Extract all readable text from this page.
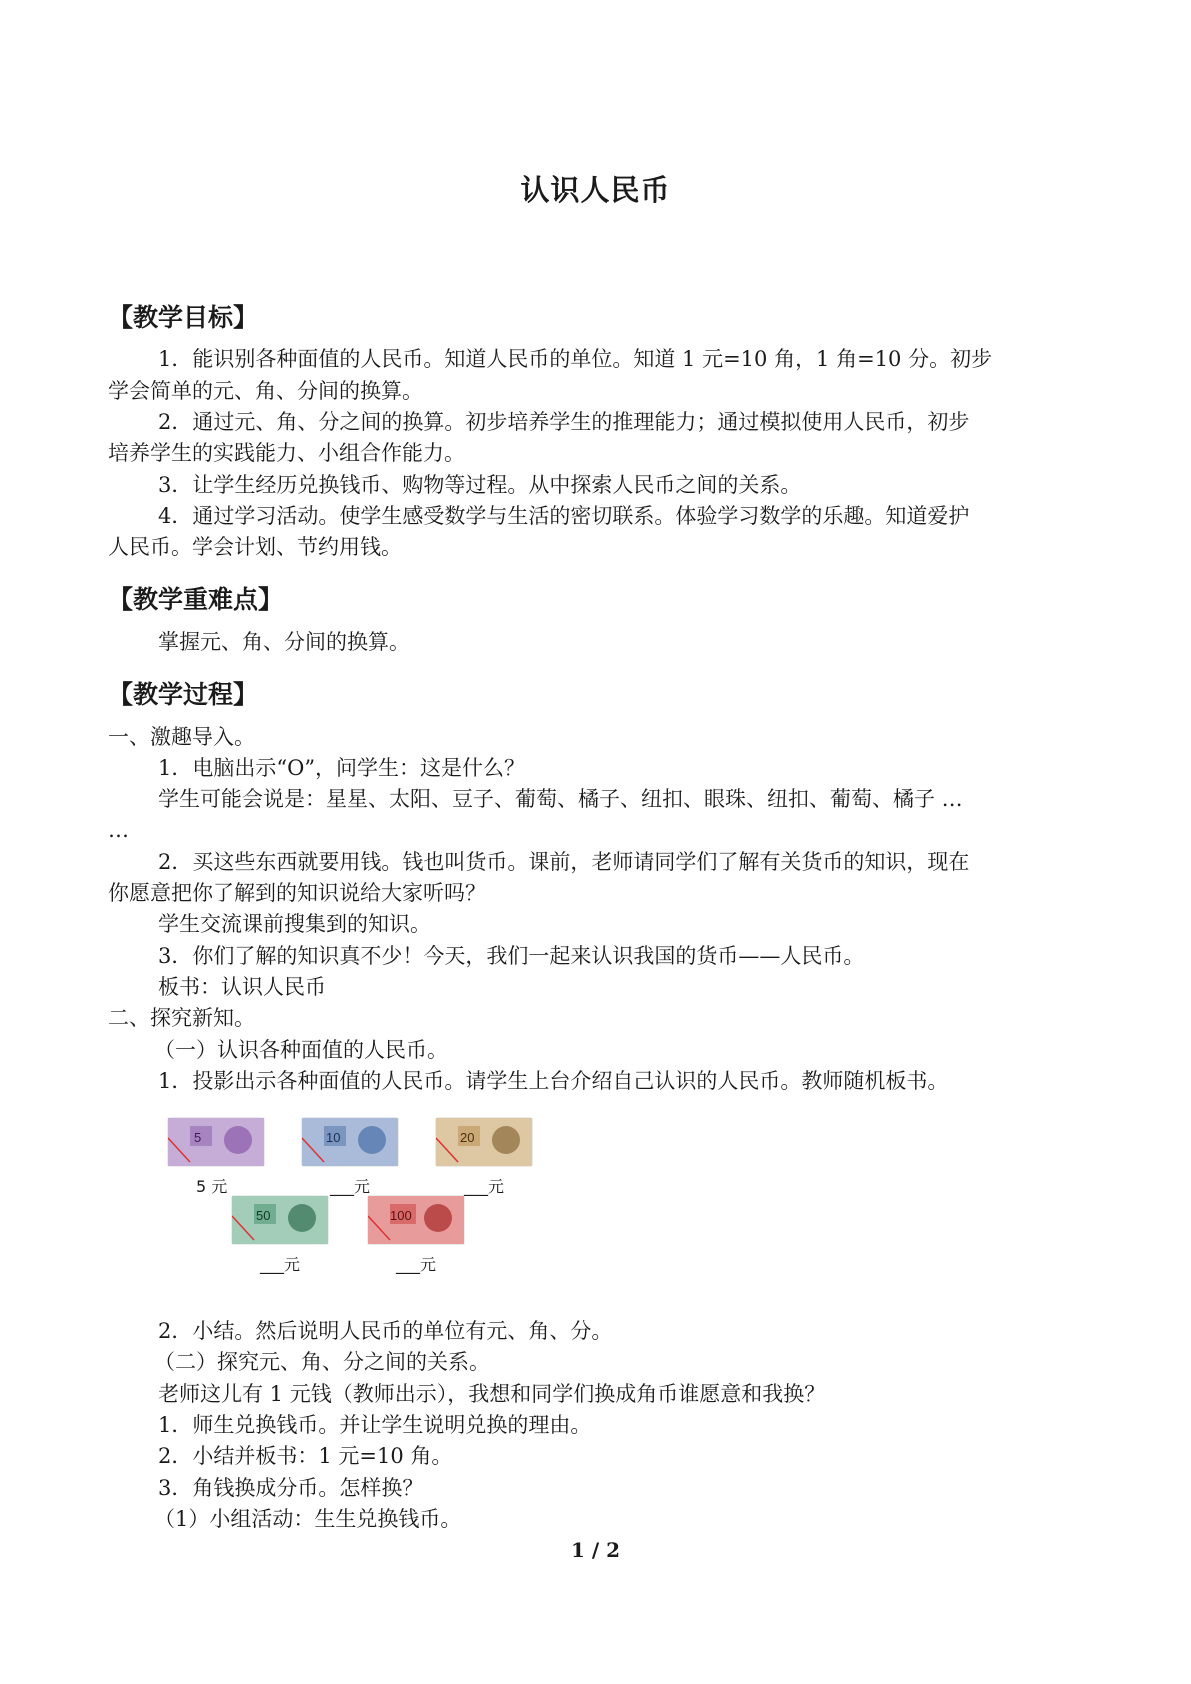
认识人民币
【教学目标】
1．能识别各种面值的人民币。知道人民币的单位。知道 1 元=10 角，1 角=10 分。初步
学会简单的元、角、分间的换算。
2．通过元、角、分之间的换算。初步培养学生的推理能力；通过模拟使用人民币，初步
培养学生的实践能力、小组合作能力。
3．让学生经历兑换钱币、购物等过程。从中探索人民币之间的关系。
4．通过学习活动。使学生感受数学与生活的密切联系。体验学习数学的乐趣。知道爱护
人民币。学会计划、节约用钱。
【教学重难点】
掌握元、角、分间的换算。
【教学过程】
一、激趣导入。
1．电脑出示“O”，问学生：这是什么？
学生可能会说是：星星、太阳、豆子、葡萄、橘子、纽扣、眼珠、纽扣、葡萄、橘子 …
…
2．买这些东西就要用钱。钱也叫货币。课前，老师请同学们了解有关货币的知识，现在
你愿意把你了解到的知识说给大家听吗？
学生交流课前搜集到的知识。
3．你们了解的知识真不少！今天，我们一起来认识我国的货币——人民币。
板书：认识人民币
二、探究新知。
（一）认识各种面值的人民币。
1．投影出示各种面值的人民币。请学生上台介绍自己认识的人民币。教师随机板书。
5
5 元
10
___元
20
___元
50
___元
100
___元
2．小结。然后说明人民币的单位有元、角、分。
（二）探究元、角、分之间的关系。
老师这儿有 1 元钱（教师出示），我想和同学们换成角币谁愿意和我换？
1．师生兑换钱币。并让学生说明兑换的理由。
2．小结并板书：1 元=10 角。
3．角钱换成分币。怎样换？
（1）小组活动：生生兑换钱币。
1 / 2
